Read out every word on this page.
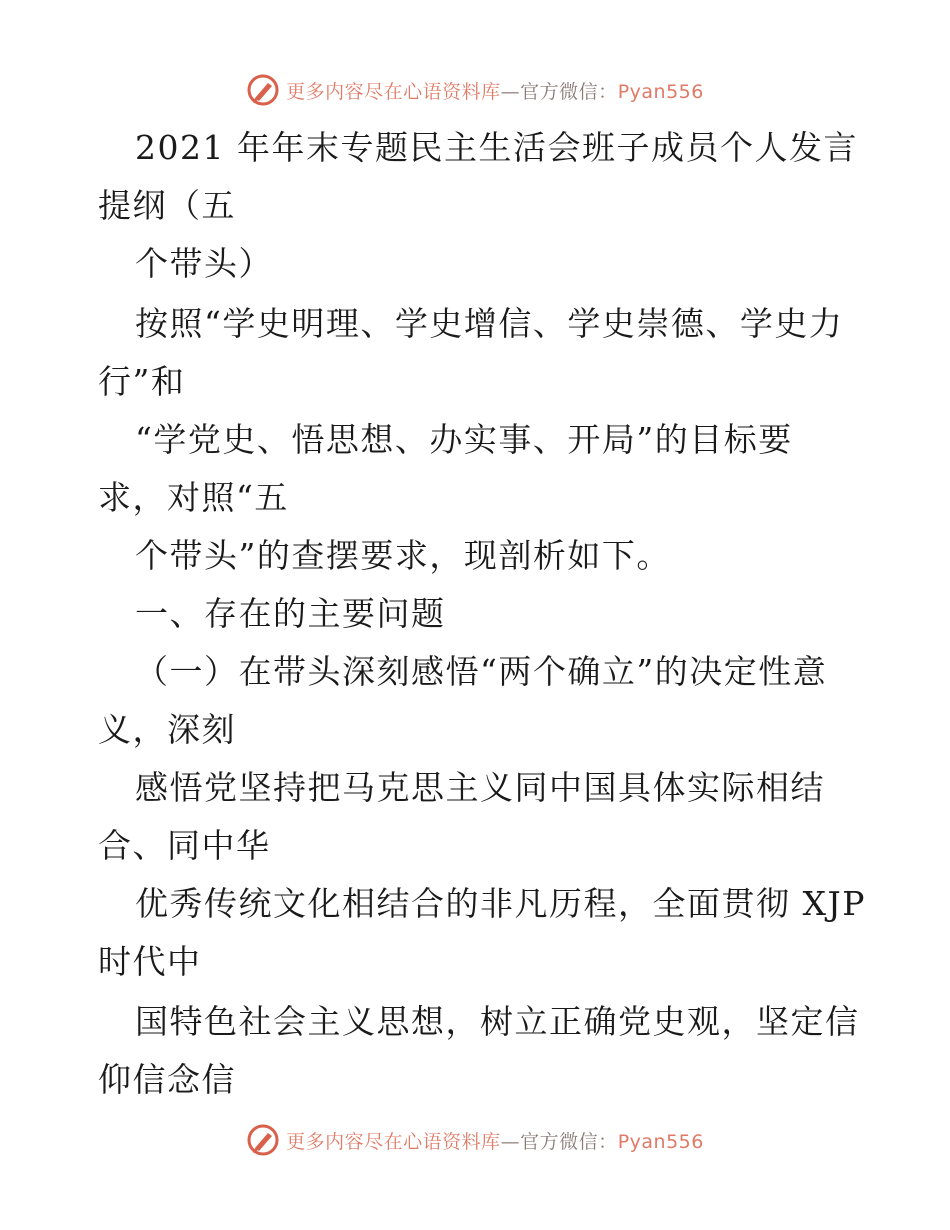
更多内容尽在心语资料库—官方微信：Pyan556
2021 年年末专题民主生活会班子成员个人发言
提纲（五
个带头）
按照“学史明理、学史增信、学史崇德、学史力
行”和
“学党史、悟思想、办实事、开局”的目标要
求，对照“五
个带头”的查摆要求，现剖析如下。
一、存在的主要问题
（一）在带头深刻感悟“两个确立”的决定性意
义，深刻
感悟党坚持把马克思主义同中国具体实际相结
合、同中华
优秀传统文化相结合的非凡历程，全面贯彻 XJP
时代中
国特色社会主义思想，树立正确党史观，坚定信
仰信念信
更多内容尽在心语资料库—官方微信：Pyan556
